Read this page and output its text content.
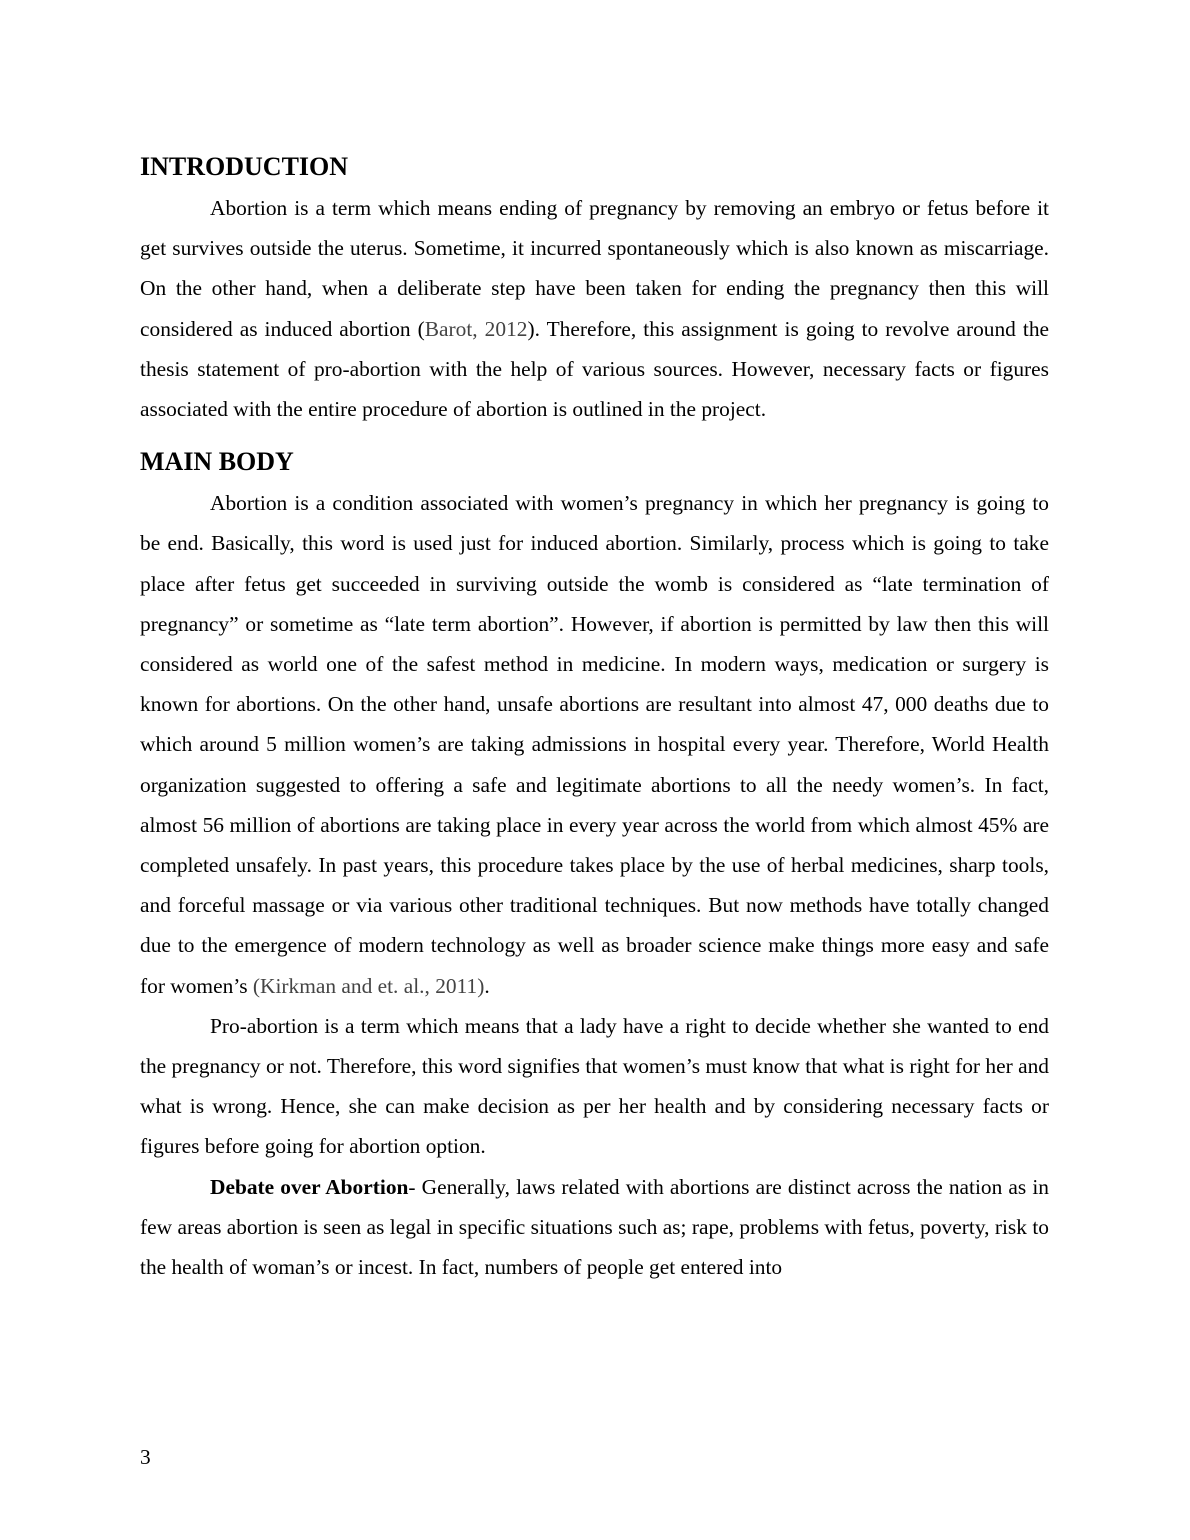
INTRODUCTION

Abortion is a term which means ending of pregnancy by removing an embryo or fetus before it get survives outside the uterus. Sometime, it incurred spontaneously which is also known as miscarriage. On the other hand, when a deliberate step have been taken for ending the pregnancy then this will considered as induced abortion (Barot, 2012). Therefore, this assignment is going to revolve around the thesis statement of pro-abortion with the help of various sources. However, necessary facts or figures associated with the entire procedure of abortion is outlined in the project.

MAIN BODY

Abortion is a condition associated with women’s pregnancy in which her pregnancy is going to be end. Basically, this word is used just for induced abortion. Similarly, process which is going to take place after fetus get succeeded in surviving outside the womb is considered as “late termination of pregnancy” or sometime as “late term abortion”. However, if abortion is permitted by law then this will considered as world one of the safest method in medicine. In modern ways, medication or surgery is known for abortions. On the other hand, unsafe abortions are resultant into almost 47, 000 deaths due to which around 5 million women’s are taking admissions in hospital every year. Therefore, World Health organization suggested to offering a safe and legitimate abortions to all the needy women’s. In fact, almost 56 million of abortions are taking place in every year across the world from which almost 45% are completed unsafely. In past years, this procedure takes place by the use of herbal medicines, sharp tools, and forceful massage or via various other traditional techniques. But now methods have totally changed due to the emergence of modern technology as well as broader science make things more easy and safe for women’s (Kirkman and et. al., 2011).

Pro-abortion is a term which means that a lady have a right to decide whether she wanted to end the pregnancy or not. Therefore, this word signifies that women’s must know that what is right for her and what is wrong. Hence, she can make decision as per her health and by considering necessary facts or figures before going for abortion option.

Debate over Abortion- Generally, laws related with abortions are distinct across the nation as in few areas abortion is seen as legal in specific situations such as; rape, problems with fetus, poverty, risk to the health of woman’s or incest. In fact, numbers of people get entered into

3
